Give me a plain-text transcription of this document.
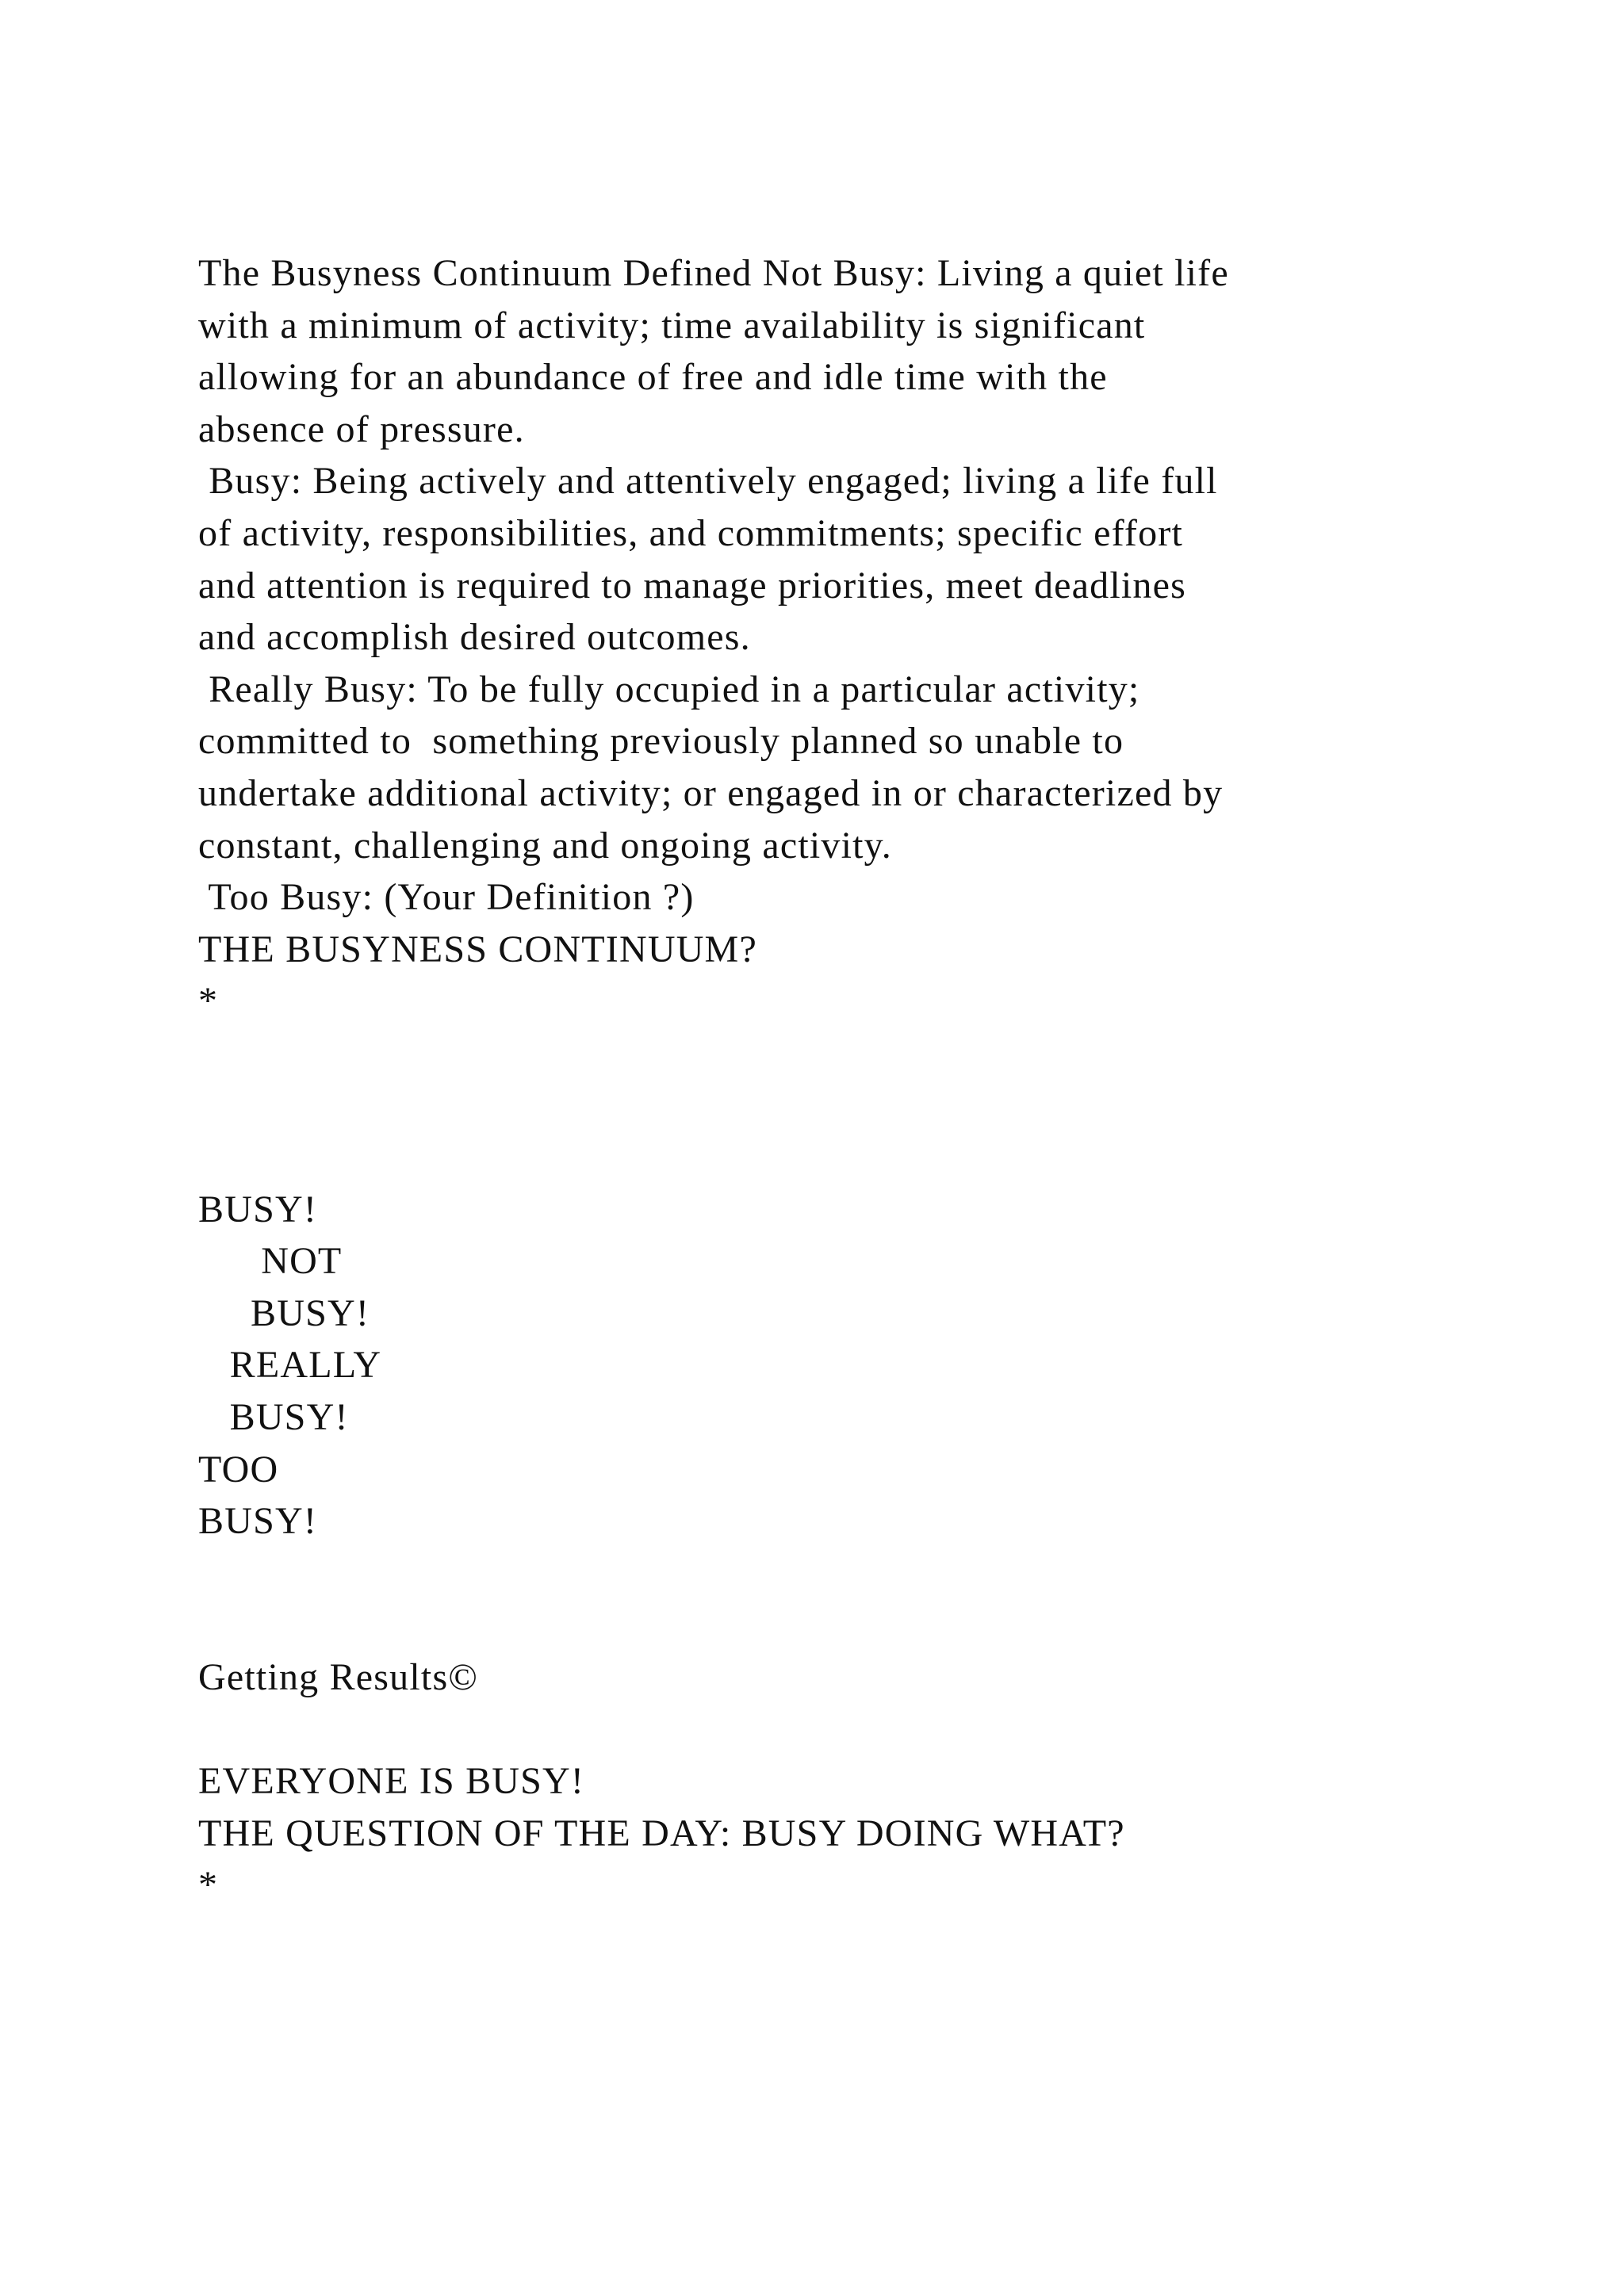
The Busyness Continuum Defined Not Busy: Living a quiet life
with a minimum of activity; time availability is significant
allowing for an abundance of free and idle time with the
absence of pressure.
Busy: Being actively and attentively engaged; living a life full
of activity, responsibilities, and commitments; specific effort
and attention is required to manage priorities, meet deadlines
and accomplish desired outcomes.
Really Busy: To be fully occupied in a particular activity;
committed to  something previously planned so unable to
undertake additional activity; or engaged in or characterized by
constant, challenging and ongoing activity.
Too Busy: (Your Definition ?)
THE BUSYNESS CONTINUUM?
*
BUSY!
NOT
BUSY!
REALLY
BUSY!
TOO
BUSY!
Getting Results©
EVERYONE IS BUSY!
THE QUESTION OF THE DAY: BUSY DOING WHAT?
*
